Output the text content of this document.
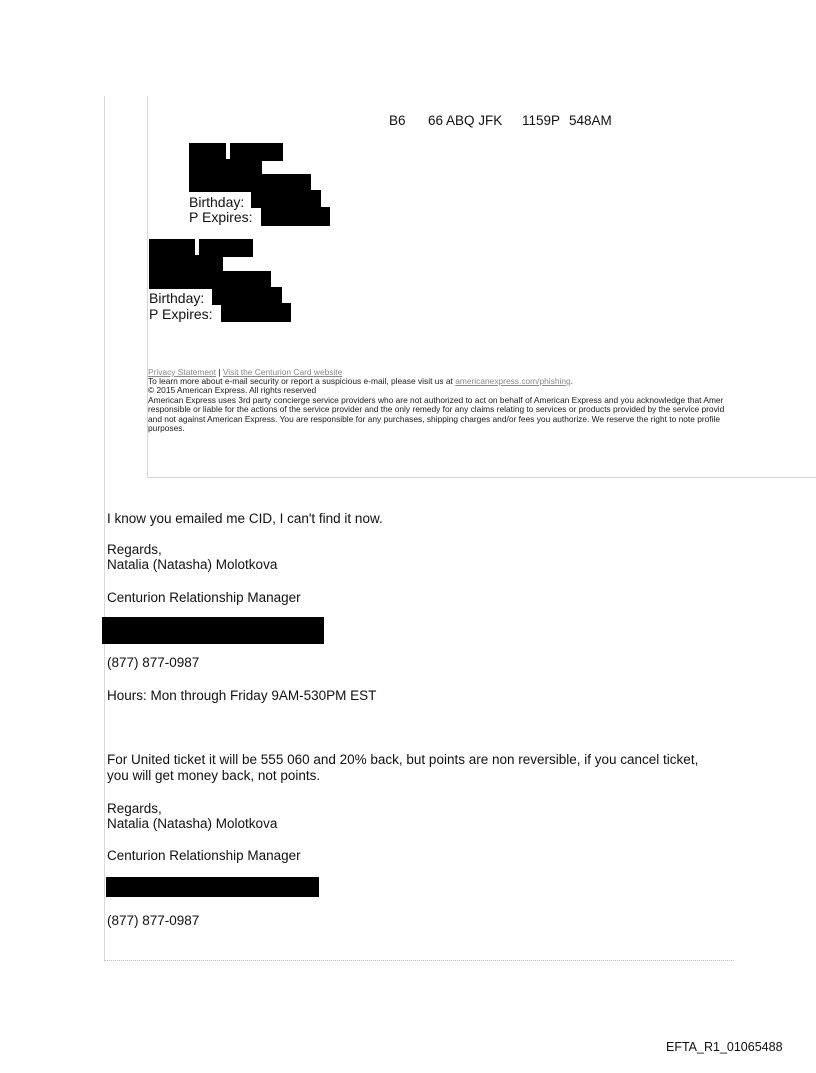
B6 66 ABQ JFK 1159P 548AM
Birthday:
P Expires:
Birthday:
P Expires:
Privacy Statement | Visit the Centurion Card website
To learn more about e-mail security or report a suspicious e-mail, please visit us at americanexpress.com/phishing.
© 2015 American Express. All rights reserved
American Express uses 3rd party concierge service providers who are not authorized to act on behalf of American Express and you acknowledge that Amer
responsible or liable for the actions of the service provider and the only remedy for any claims relating to services or products provided by the service provid
and not against American Express. You are responsible for any purchases, shipping charges and/or fees you authorize. We reserve the right to note profile
purposes.
I know you emailed me CID, I can't find it now.
Regards,
Natalia (Natasha) Molotkova
Centurion Relationship Manager
(877) 877-0987
Hours: Mon through Friday 9AM-530PM EST
For United ticket it will be 555 060 and 20% back, but points are non reversible, if you cancel ticket,
you will get money back, not points.
Regards,
Natalia (Natasha) Molotkova
Centurion Relationship Manager
(877) 877-0987
EFTA_R1_01065488
